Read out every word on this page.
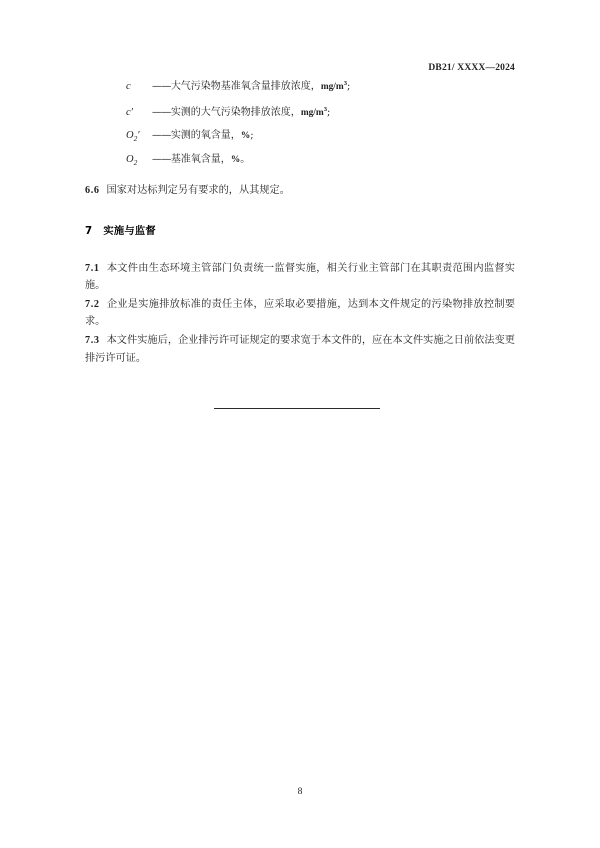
DB21/ XXXX—2024
c	—— 大气污染物基准氧含量排放浓度，$mg/m^3$;
c′	—— 实测的大气污染物排放浓度，$mg/m^3$;
$O_2'$	—— 实测的氧含量，%;
$O_2$	—— 基准氧含量，%。

6.6 国家对达标判定另有要求的，从其规定。

7 实施与监督

7.1 本文件由生态环境主管部门负责统一监督实施，相关行业主管部门在其职责范围内监督实施。

7.2 企业是实施排放标准的责任主体，应采取必要措施，达到本文件规定的污染物排放控制要求。

7.3 本文件实施后，企业排污许可证规定的要求宽于本文件的，应在本文件实施之日前依法变更排污许可证。

8
